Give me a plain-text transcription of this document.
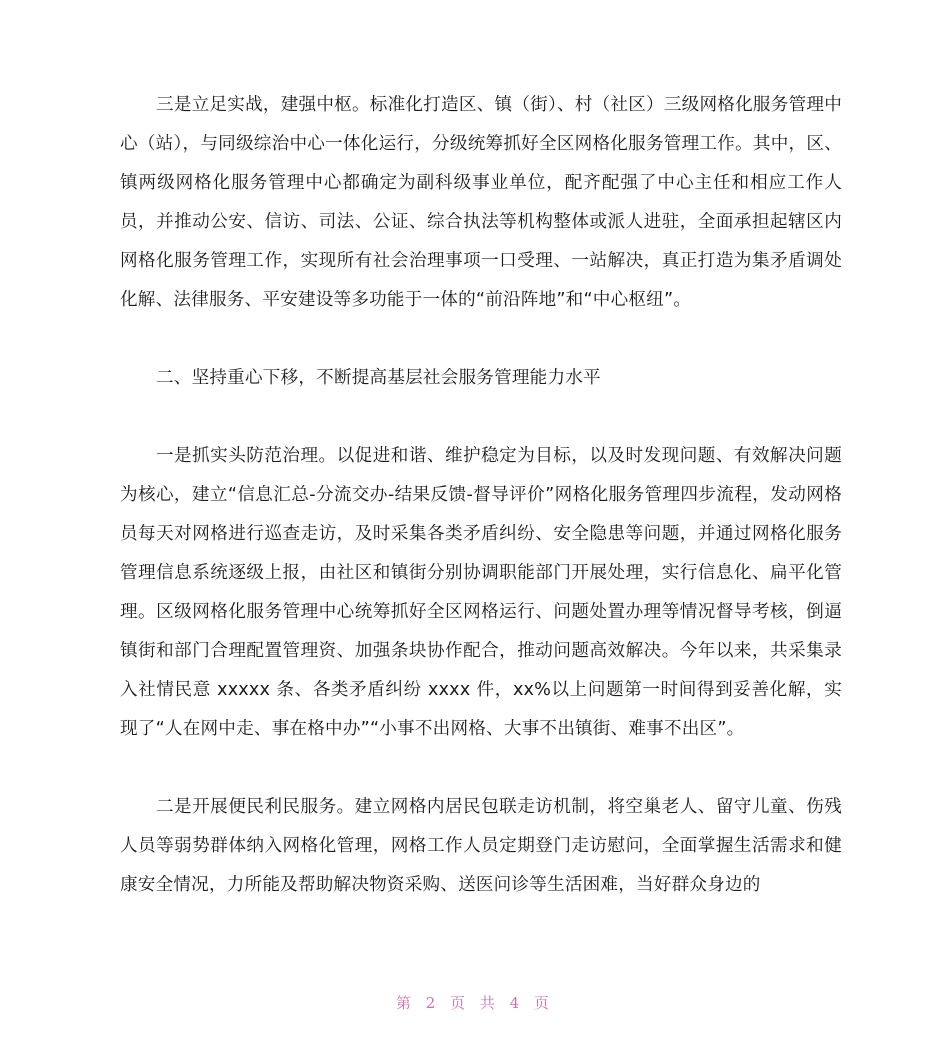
三是立足实战，建强中枢。标准化打造区、镇（街）、村（社区）三级网格化服务管理中心（站），与同级综治中心一体化运行，分级统筹抓好全区网格化服务管理工作。其中，区、镇两级网格化服务管理中心都确定为副科级事业单位，配齐配强了中心主任和相应工作人员，并推动公安、信访、司法、公证、综合执法等机构整体或派人进驻，全面承担起辖区内网格化服务管理工作，实现所有社会治理事项一口受理、一站解决，真正打造为集矛盾调处化解、法律服务、平安建设等多功能于一体的“前沿阵地”和“中心枢纽”。

二、坚持重心下移，不断提高基层社会服务管理能力水平

一是抓实头防范治理。以促进和谐、维护稳定为目标，以及时发现问题、有效解决问题为核心，建立“信息汇总-分流交办-结果反馈-督导评价”网格化服务管理四步流程，发动网格员每天对网格进行巡查走访，及时采集各类矛盾纠纷、安全隐患等问题，并通过网格化服务管理信息系统逐级上报，由社区和镇街分别协调职能部门开展处理，实行信息化、扁平化管理。区级网格化服务管理中心统筹抓好全区网格运行、问题处置办理等情况督导考核，倒逼镇街和部门合理配置管理资、加强条块协作配合，推动问题高效解决。今年以来，共采集录入社情民意 xxxxx 条、各类矛盾纠纷 xxxx 件，xx%以上问题第一时间得到妥善化解，实现了“人在网中走、事在格中办”“小事不出网格、大事不出镇街、难事不出区”。

二是开展便民利民服务。建立网格内居民包联走访机制，将空巢老人、留守儿童、伤残人员等弱势群体纳入网格化管理，网格工作人员定期登门走访慰问，全面掌握生活需求和健康安全情况，力所能及帮助解决物资采购、送医问诊等生活困难，当好群众身边的

第 2 页 共 4 页
